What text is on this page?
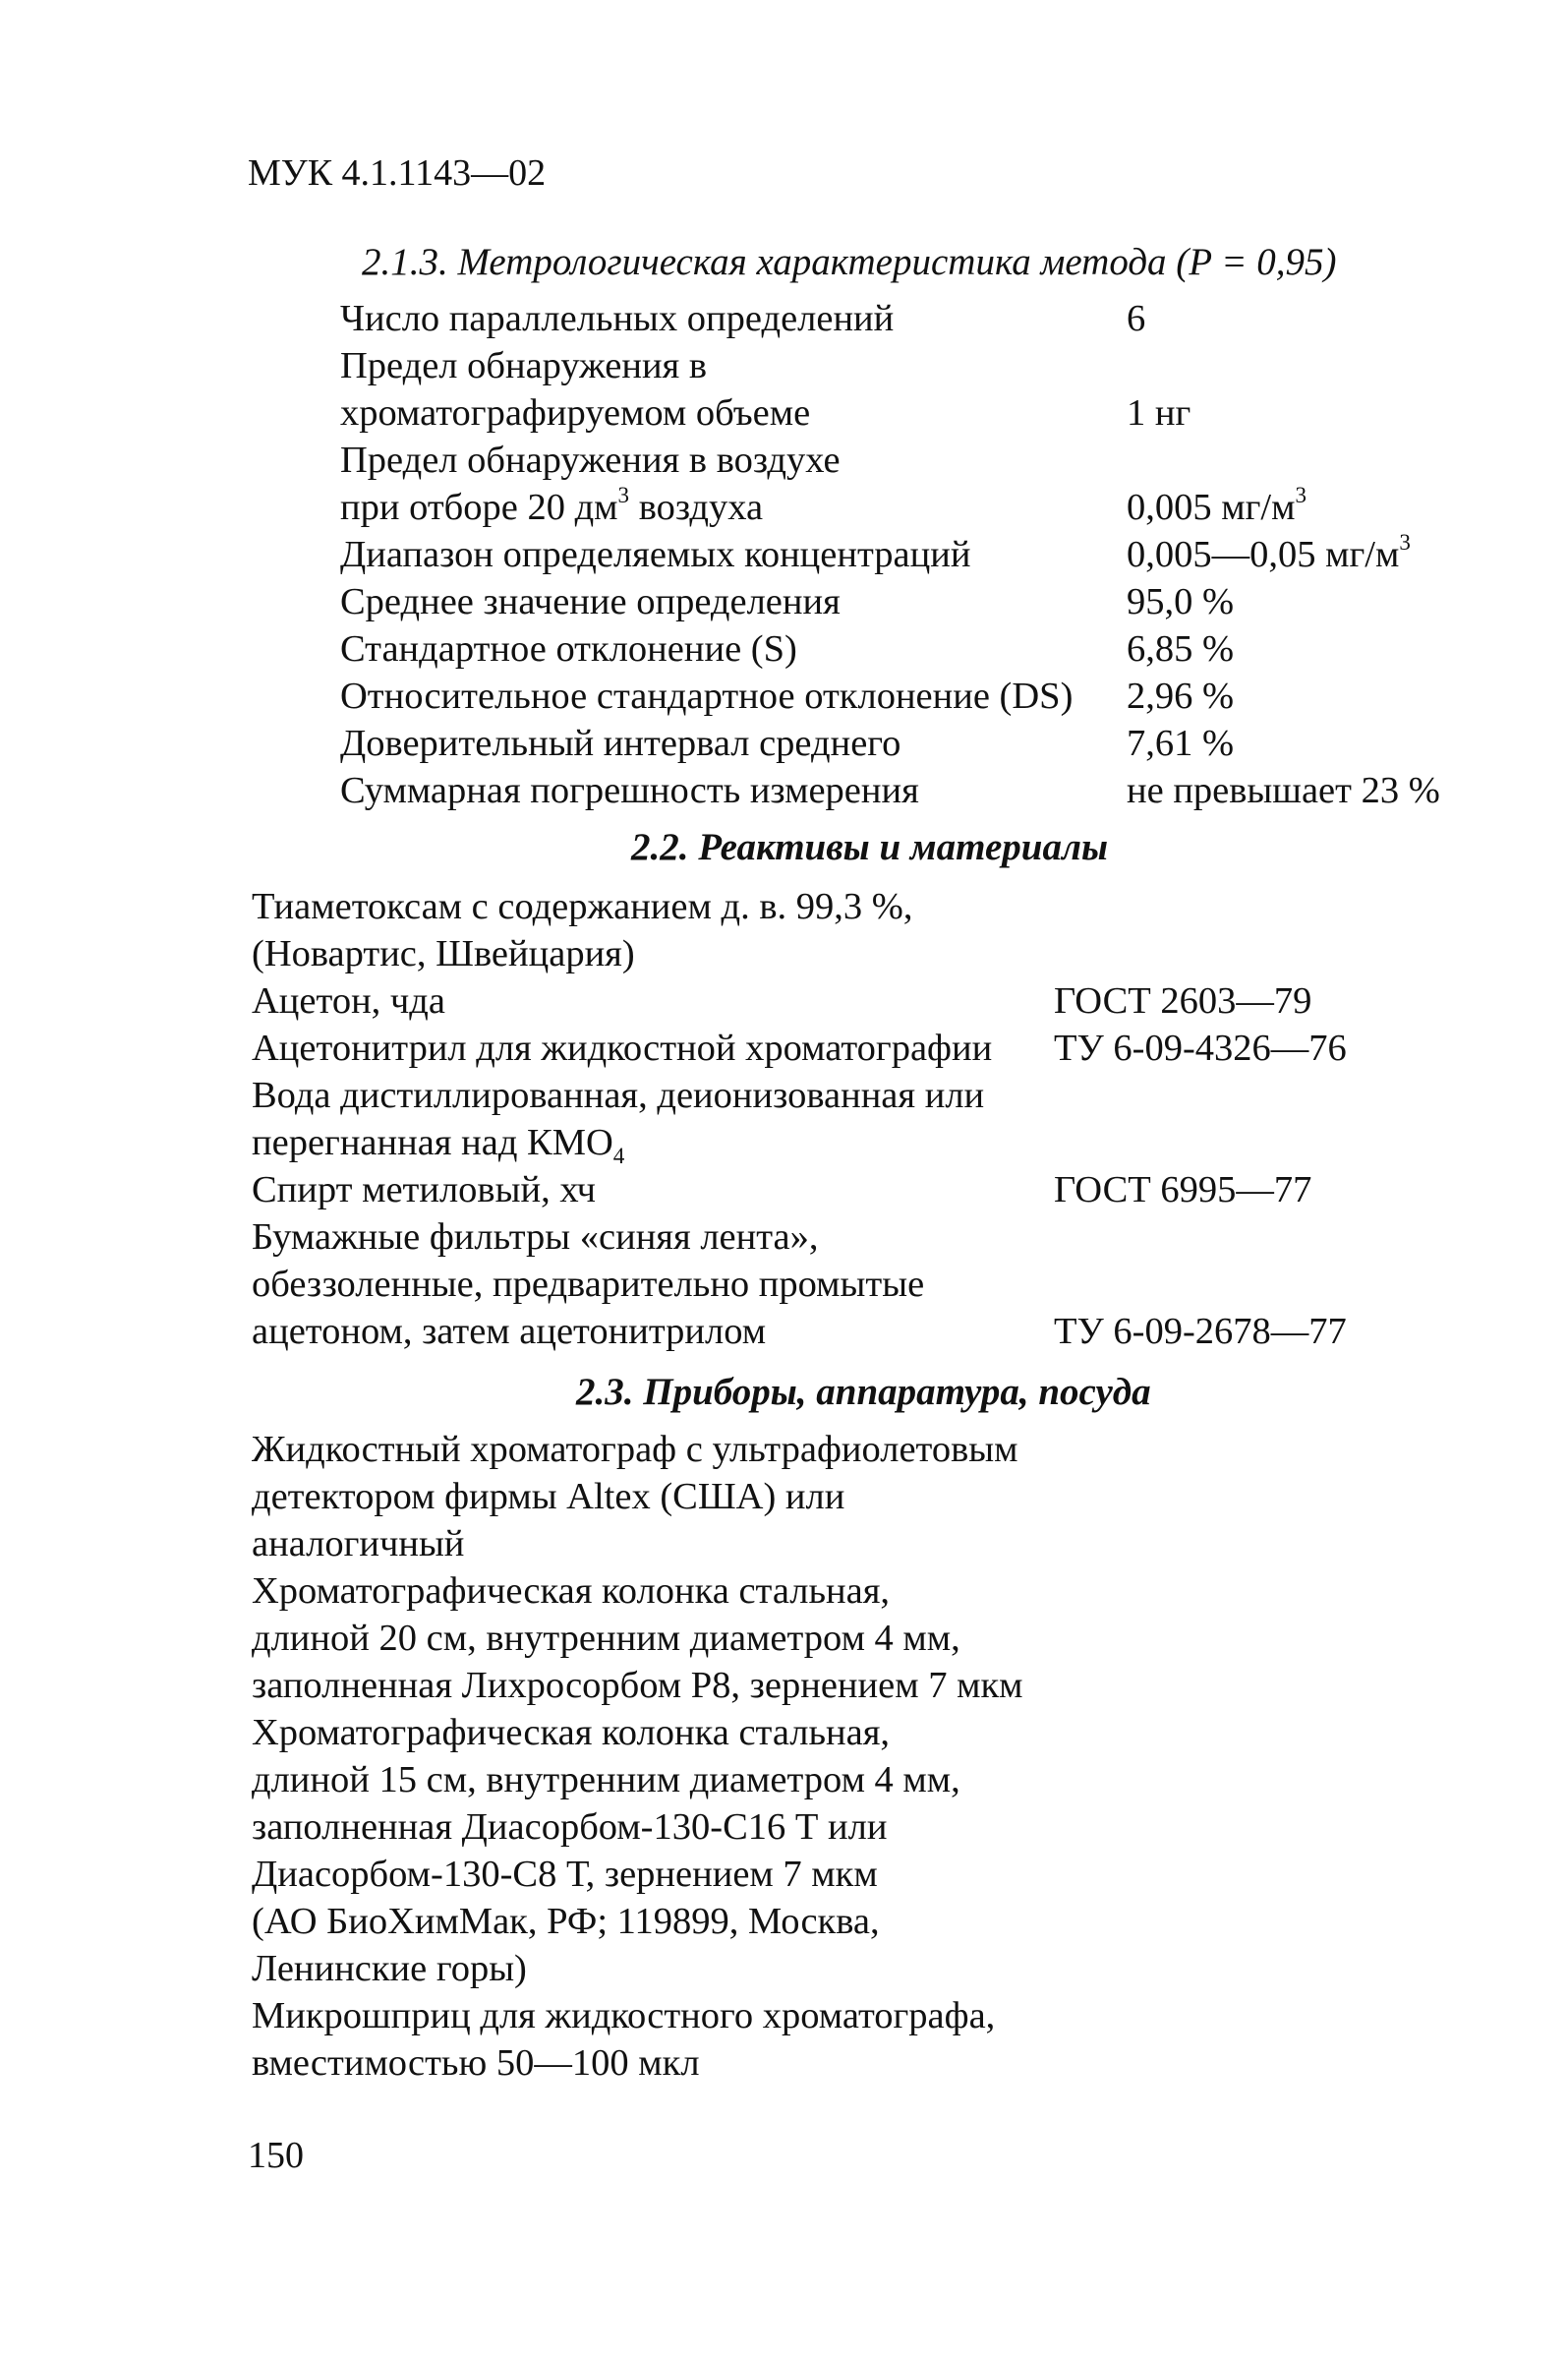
МУК 4.1.1143—02
2.1.3. Метрологическая характеристика метода (P = 0,95)
Число параллельных определений	6
Предел обнаружения в
хроматографируемом объеме	1 нг
Предел обнаружения в воздухе
при отборе 20 $дм^3$ воздуха	0,005 $мг/м^3$
Диапазон определяемых концентраций	0,005—0,05 $мг/м^3$
Среднее значение определения	95,0 %
Стандартное отклонение (S)	6,85 %
Относительное стандартное отклонение (DS) 2,96 %
Доверительный интервал среднего	7,61 %
Суммарная погрешность измерения	не превышает 23 %
2.2. Реактивы и материалы
Тиаметоксам с содержанием д. в. 99,3 %,
(Новартис, Швейцария)
Ацетон, чда	ГОСТ 2603—79
Ацетонитрил для жидкостной хроматографии ТУ 6-09-4326—76
Вода дистиллированная, деионизованная или
перегнанная над $КМО_4$
Спирт метиловый, хч	ГОСТ 6995—77
Бумажные фильтры «синяя лента»,
обеззоленные, предварительно промытые
ацетоном, затем ацетонитрилом	ТУ 6-09-2678—77
2.3. Приборы, аппаратура, посуда
Жидкостный хроматограф с ультрафиолетовым
детектором фирмы Altex (США) или
аналогичный
Хроматографическая колонка стальная,
длиной 20 см, внутренним диаметром 4 мм,
заполненная Лихросорбом Р8, зернением 7 мкм
Хроматографическая колонка стальная,
длиной 15 см, внутренним диаметром 4 мм,
заполненная Диасорбом-130-С16 Т или
Диасорбом-130-С8 Т, зернением 7 мкм
(АО БиоХимМак, РФ; 119899, Москва,
Ленинские горы)
Микрошприц для жидкостного хроматографа,
вместимостью 50—100 мкл
150
